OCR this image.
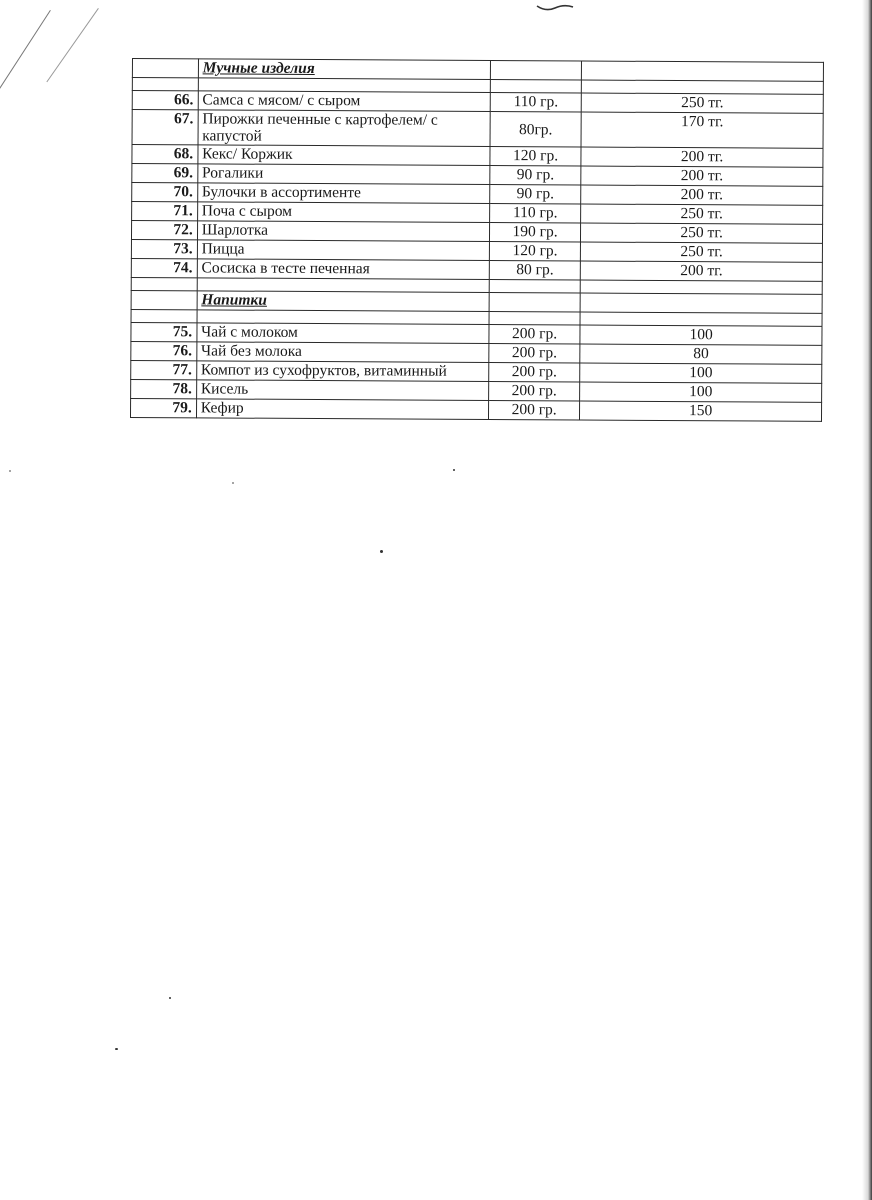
	Мучные изделия		

66.	Самса с мясом/ с сыром	110 гр.	250 тг.
67.	Пирожки печенные с картофелем/ с капустой	80гр.	170 тг.
68.	Кекс/ Коржик	120 гр.	200 тг.
69.	Рогалики	90 гр.	200 тг.
70.	Булочки в ассортименте	90 гр.	200 тг.
71.	Поча с сыром	110 гр.	250 тг.
72.	Шарлотка	190 гр.	250 тг.
73.	Пицца	120 гр.	250 тг.
74.	Сосиска в тесте печенная	80 гр.	200 тг.

	Напитки		

75.	Чай с молоком	200 гр.	100
76.	Чай без молока	200 гр.	80
77.	Компот из сухофруктов, витаминный	200 гр.	100
78.	Кисель	200 гр.	100
79.	Кефир	200 гр.	150
